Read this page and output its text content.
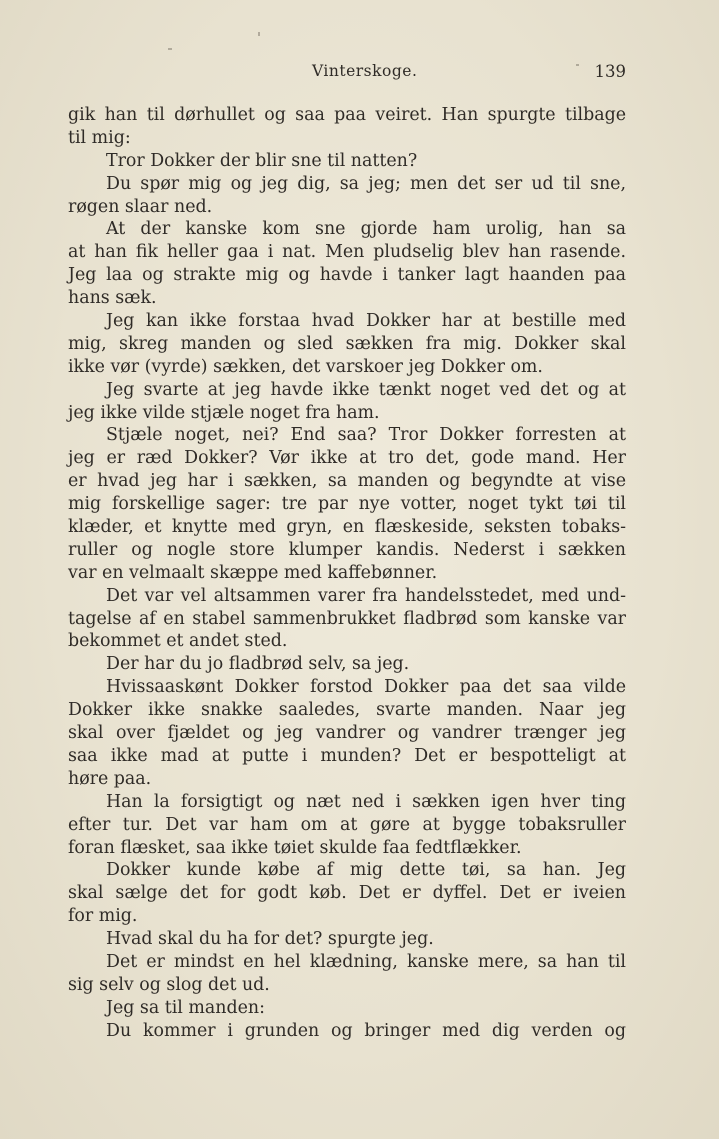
Vinterskoge.	139
gik han til dørhullet og saa paa veiret. Han spurgte tilbage
til mig:
Tror Dokker der blir sne til natten?
Du spør mig og jeg dig, sa jeg; men det ser ud til sne,
røgen slaar ned.
At der kanske kom sne gjorde ham urolig, han sa
at han fik heller gaa i nat. Men pludselig blev han rasende.
Jeg laa og strakte mig og havde i tanker lagt haanden paa
hans sæk.
Jeg kan ikke forstaa hvad Dokker har at bestille med
mig, skreg manden og sled sækken fra mig. Dokker skal
ikke vør (vyrde) sækken, det varskoer jeg Dokker om.
Jeg svarte at jeg havde ikke tænkt noget ved det og at
jeg ikke vilde stjæle noget fra ham.
Stjæle noget, nei? End saa? Tror Dokker forresten at
jeg er ræd Dokker? Vør ikke at tro det, gode mand. Her
er hvad jeg har i sækken, sa manden og begyndte at vise
mig forskellige sager: tre par nye votter, noget tykt tøi til
klæder, et knytte med gryn, en flæskeside, seksten tobaks-
ruller og nogle store klumper kandis. Nederst i sækken
var en velmaalt skæppe med kaffebønner.
Det var vel altsammen varer fra handelsstedet, med und-
tagelse af en stabel sammenbrukket fladbrød som kanske var
bekommet et andet sted.
Der har du jo fladbrød selv, sa jeg.
Hvissaaskønt Dokker forstod Dokker paa det saa vilde
Dokker ikke snakke saaledes, svarte manden. Naar jeg
skal over fjældet og jeg vandrer og vandrer trænger jeg
saa ikke mad at putte i munden? Det er bespotteligt at
høre paa.
Han la forsigtigt og næt ned i sækken igen hver ting
efter tur. Det var ham om at gøre at bygge tobaksruller
foran flæsket, saa ikke tøiet skulde faa fedtflækker.
Dokker kunde købe af mig dette tøi, sa han. Jeg
skal sælge det for godt køb. Det er dyffel. Det er iveien
for mig.
Hvad skal du ha for det? spurgte jeg.
Det er mindst en hel klædning, kanske mere, sa han til
sig selv og slog det ud.
Jeg sa til manden:
Du kommer i grunden og bringer med dig verden og
